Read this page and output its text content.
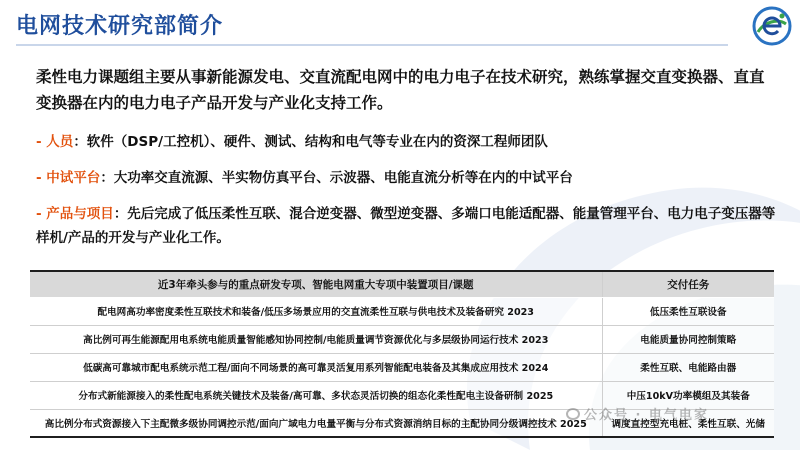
电网技术研究部简介
柔性电力课题组主要从事新能源发电、交直流配电网中的电力电子在技术研究，熟练掌握交直变换器、直直变换器在内的电力电子产品开发与产业化支持工作。
- 人员：软件（DSP/工控机）、硬件、测试、结构和电气等专业在内的资深工程师团队
- 中试平台：大功率交直流源、半实物仿真平台、示波器、电能直流分析等在内的中试平台
- 产品与项目：先后完成了低压柔性互联、混合逆变器、微型逆变器、多端口电能适配器、能量管理平台、电力电子变压器等样机/产品的开发与产业化工作。
近3年牵头参与的重点研发专项、智能电网重大专项中装置项目/课题	交付任务
配电网高功率密度柔性互联技术和装备/低压多场景应用的交直流柔性互联与供电技术及装备研究 2023	低压柔性互联设备
高比例可再生能源配用电系统电能质量智能感知协同控制/电能质量调节资源优化与多层级协同运行技术 2023	电能质量协同控制策略
低碳高可靠城市配电系统示范工程/面向不同场景的高可靠灵活复用系列智能配电装备及其集成应用技术 2024	柔性互联、电能路由器
分布式新能源接入的柔性配电系统关键技术及装备/高可靠、多状态灵活切换的组态化柔性配电主设备研制 2025	中压10kV功率模组及其装备
高比例分布式资源接入下主配微多级协同调控示范/面向广域电力电量平衡与分布式资源消纳目标的主配协同分级调控技术 2025	调度直控型充电桩、柔性互联、光储
公众号 · 电气电家
